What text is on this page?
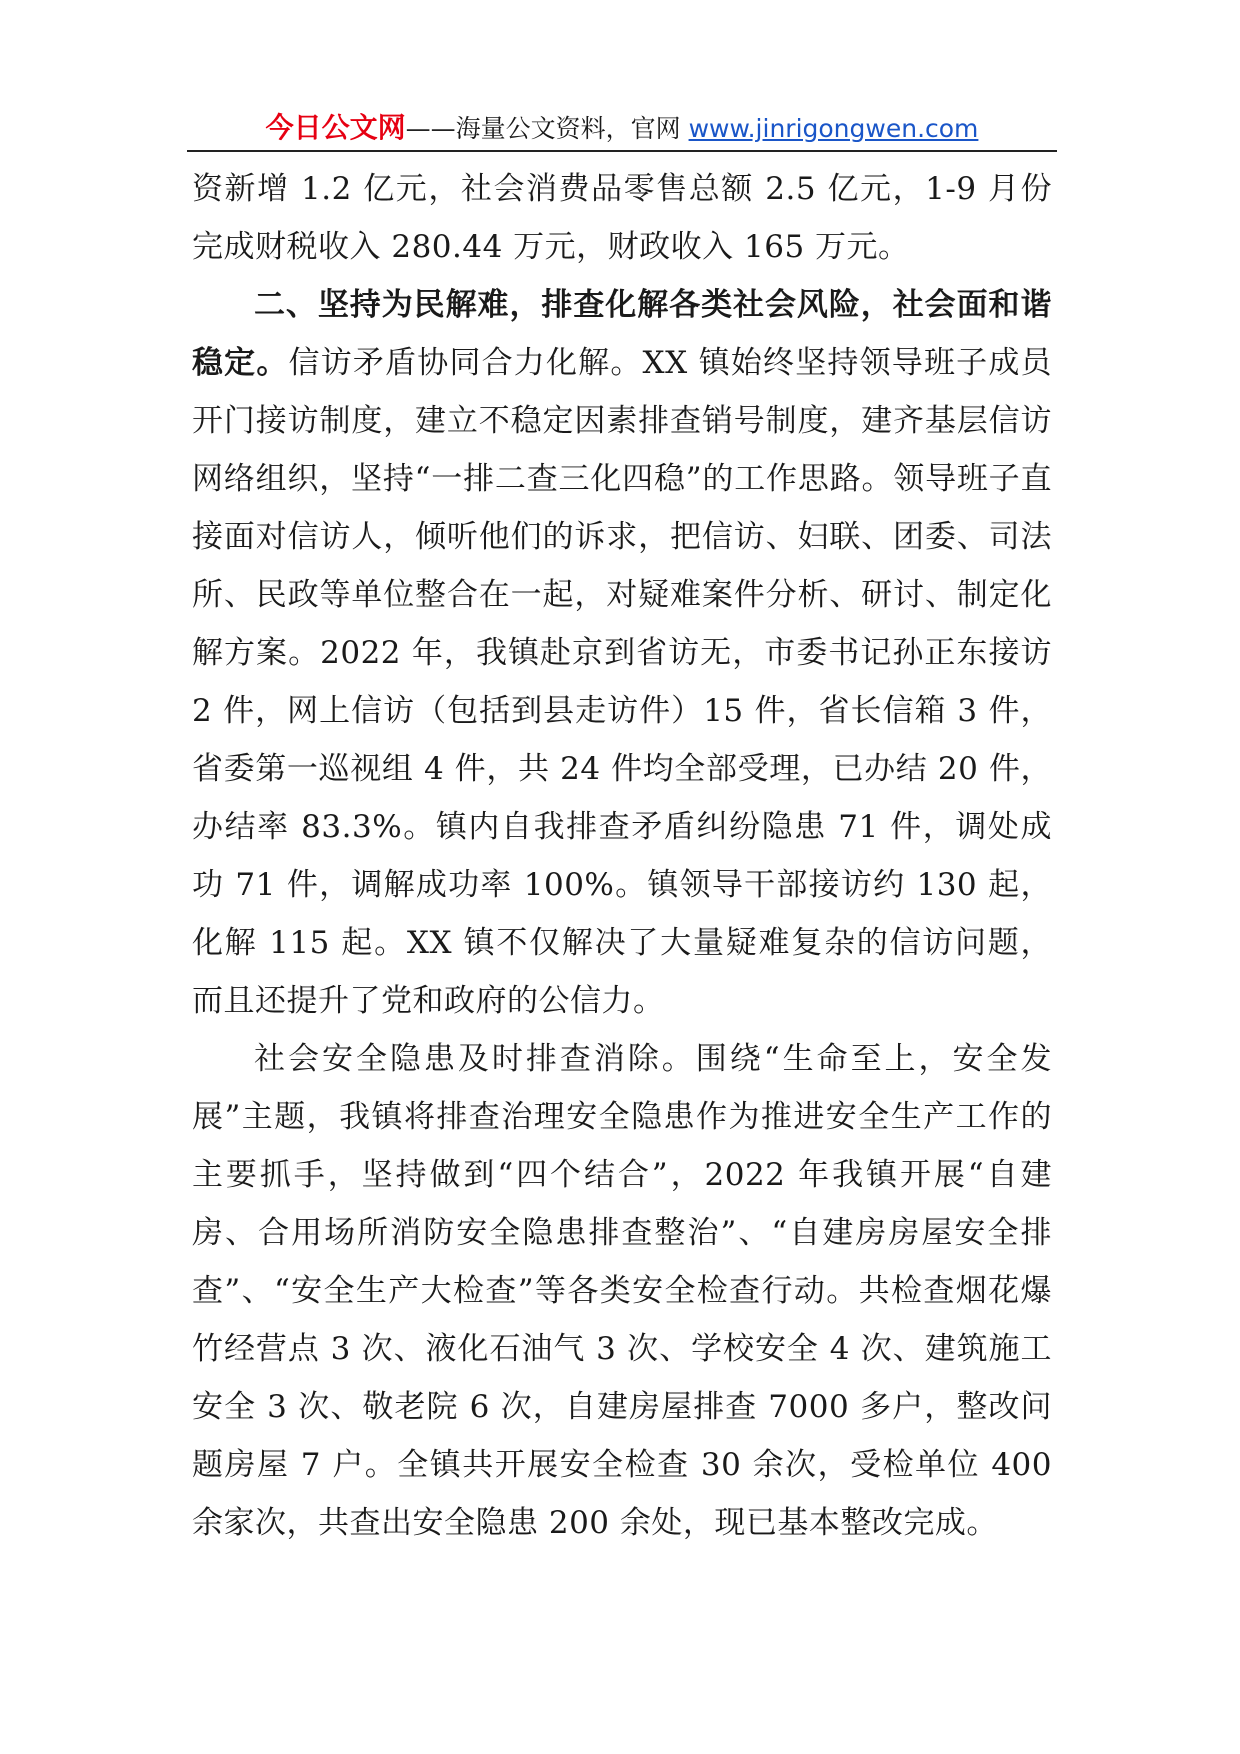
今日公文网——海量公文资料，官网 www.jinrigongwen.com

资新增 1.2 亿元，社会消费品零售总额 2.5 亿元，1-9 月份完成财税收入 280.44 万元，财政收入 165 万元。

二、坚持为民解难，排查化解各类社会风险，社会面和谐稳定。信访矛盾协同合力化解。XX 镇始终坚持领导班子成员开门接访制度，建立不稳定因素排查销号制度，建齐基层信访网络组织，坚持“一排二查三化四稳”的工作思路。领导班子直接面对信访人，倾听他们的诉求，把信访、妇联、团委、司法所、民政等单位整合在一起，对疑难案件分析、研讨、制定化解方案。2022 年，我镇赴京到省访无，市委书记孙正东接访 2 件，网上信访（包括到县走访件）15 件，省长信箱 3 件，省委第一巡视组 4 件，共 24 件均全部受理，已办结 20 件，办结率 83.3%。镇内自我排查矛盾纠纷隐患 71 件，调处成功 71 件，调解成功率 100%。镇领导干部接访约 130 起，化解 115 起。XX 镇不仅解决了大量疑难复杂的信访问题，而且还提升了党和政府的公信力。

社会安全隐患及时排查消除。围绕“生命至上，安全发展”主题，我镇将排查治理安全隐患作为推进安全生产工作的主要抓手，坚持做到“四个结合”，2022 年我镇开展“自建房、合用场所消防安全隐患排查整治”、“自建房房屋安全排查”、“安全生产大检查”等各类安全检查行动。共检查烟花爆竹经营点 3 次、液化石油气 3 次、学校安全 4 次、建筑施工安全 3 次、敬老院 6 次，自建房屋排查 7000 多户，整改问题房屋 7 户。全镇共开展安全检查 30 余次，受检单位 400 余家次，共查出安全隐患 200 余处，现已基本整改完成。
